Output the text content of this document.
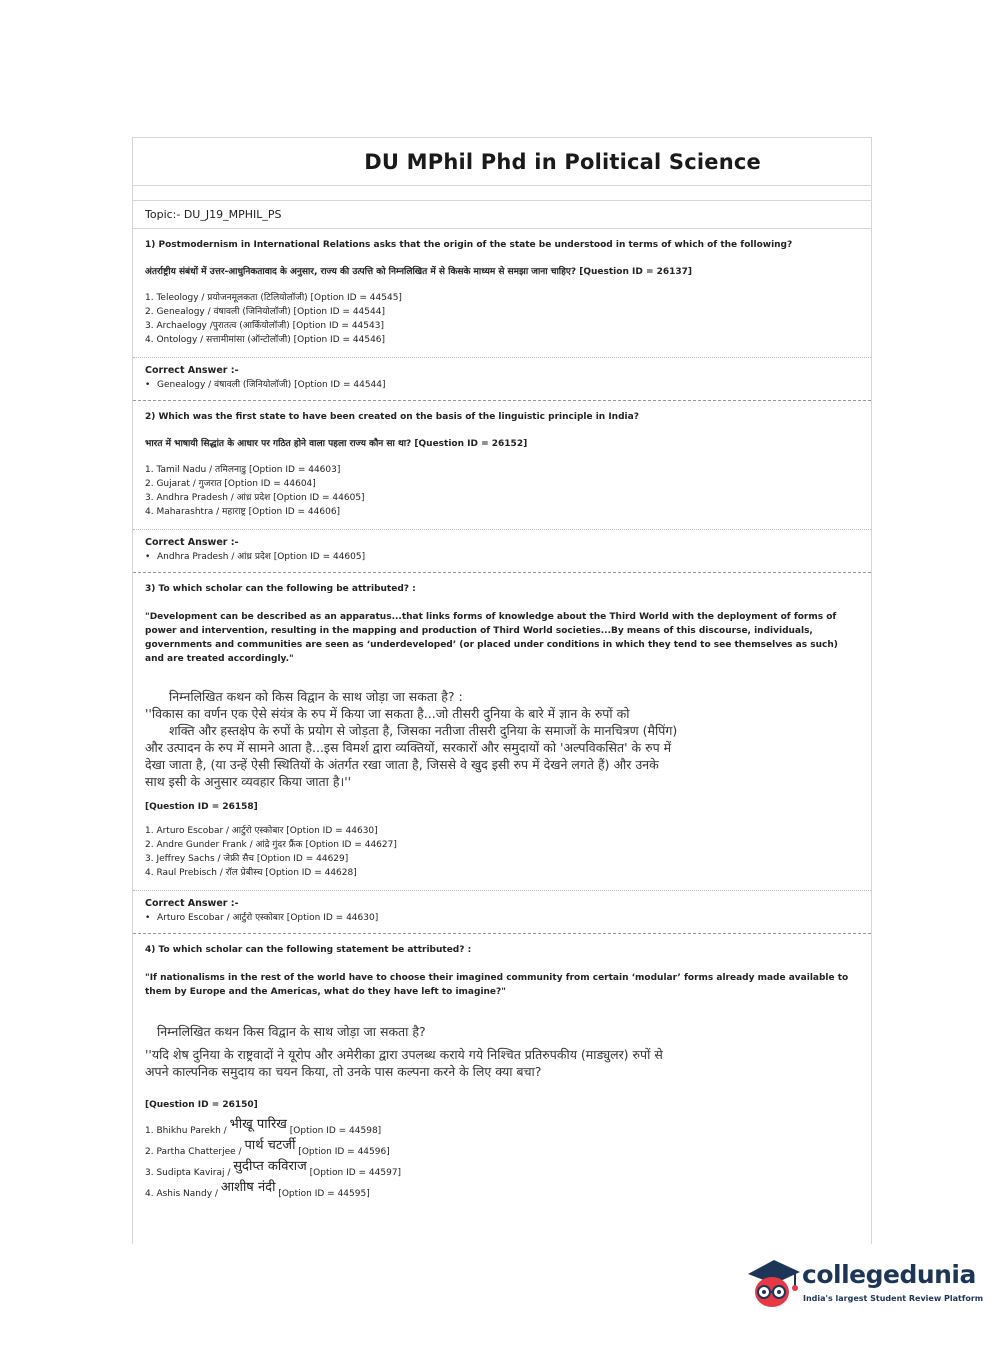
DU MPhil Phd in Political Science
Topic:- DU_J19_MPHIL_PS
1) Postmodernism in International Relations asks that the origin of the state be understood in terms of which of the following?
अंतर्राष्ट्रीय संबंधों में उत्तर-आधुनिकतावाद के अनुसार, राज्य की उत्पत्ति को निम्नलिखित में से किसके माध्यम से समझा जाना चाहिए? [Question ID = 26137]
1. Teleology / प्रयोजनमूलकता (टिलियोलॉजी) [Option ID = 44545]
2. Genealogy / वंषावली (जिनियोलॉजी) [Option ID = 44544]
3. Archaelogy /पुरातत्व (आर्कियोलॉजी) [Option ID = 44543]
4. Ontology / सत्तामीमांसा (ऑन्टोलॉजी) [Option ID = 44546]
Correct Answer :-
• Genealogy / वंषावली (जिनियोलॉजी) [Option ID = 44544]
2) Which was the first state to have been created on the basis of the linguistic principle in India?
भारत में भाषायी सिद्धांत के आधार पर गठित होने वाला पहला राज्य कौन सा था? [Question ID = 26152]
1. Tamil Nadu / तमिलनाडु [Option ID = 44603]
2. Gujarat / गुजरात [Option ID = 44604]
3. Andhra Pradesh / आंध्र प्रदेश [Option ID = 44605]
4. Maharashtra / महाराष्ट्र [Option ID = 44606]
Correct Answer :-
• Andhra Pradesh / आंध्र प्रदेश [Option ID = 44605]
3) To which scholar can the following be attributed? :
"Development can be described as an apparatus...that links forms of knowledge about the Third World with the deployment of forms of power and intervention, resulting in the mapping and production of Third World societies...By means of this discourse, individuals, governments and communities are seen as ‘underdeveloped’ (or placed under conditions in which they tend to see themselves as such) and are treated accordingly."
निम्नलिखित कथन को किस विद्वान के साथ जोड़ा जा सकता है? :
''विकास का वर्णन एक ऐसे संयंत्र के रुप में किया जा सकता है...जो तीसरी दुनिया के बारे में ज्ञान के रुपों को
शक्ति और हस्तक्षेप के रुपों के प्रयोग से जोड़ता है, जिसका नतीजा तीसरी दुनिया के समाजों के मानचित्रण (मैपिंग)
और उत्पादन के रुप में सामने आता है...इस विमर्श द्वारा व्यक्तियों, सरकारों और समुदायों को 'अल्पविकसित' के रुप में
देखा जाता है, (या उन्हें ऐसी स्थितियों के अंतर्गत रखा जाता है, जिससे वे खुद इसी रुप में देखने लगते हैं) और उनके
साथ इसी के अनुसार व्यवहार किया जाता है।''
[Question ID = 26158]
1. Arturo Escobar / आर्टुरो एस्कोबार [Option ID = 44630]
2. Andre Gunder Frank / आंद्रे गुंदर फ्रैंक [Option ID = 44627]
3. Jeffrey Sachs / जेफ्री सैच [Option ID = 44629]
4. Raul Prebisch / रॉल प्रेबीस्च [Option ID = 44628]
Correct Answer :-
• Arturo Escobar / आर्टुरो एस्कोबार [Option ID = 44630]
4) To which scholar can the following statement be attributed? :
"If nationalisms in the rest of the world have to choose their imagined community from certain ‘modular’ forms already made available to them by Europe and the Americas, what do they have left to imagine?"
निम्नलिखित कथन किस विद्वान के साथ जोड़ा जा सकता है?
''यदि शेष दुनिया के राष्ट्रवादों ने यूरोप और अमेरीका द्वारा उपलब्ध कराये गये निश्चित प्रतिरुपकीय (माड्युलर) रुपों से
अपने काल्पनिक समुदाय का चयन किया, तो उनके पास कल्पना करने के लिए क्या बचा?
[Question ID = 26150]
1. Bhikhu Parekh / भीखू पारिख [Option ID = 44598]
2. Partha Chatterjee / पार्थ चटर्जी [Option ID = 44596]
3. Sudipta Kaviraj / सुदीप्त कविराज [Option ID = 44597]
4. Ashis Nandy / आशीष नंदी [Option ID = 44595]
collegedunia
India's largest Student Review Platform
